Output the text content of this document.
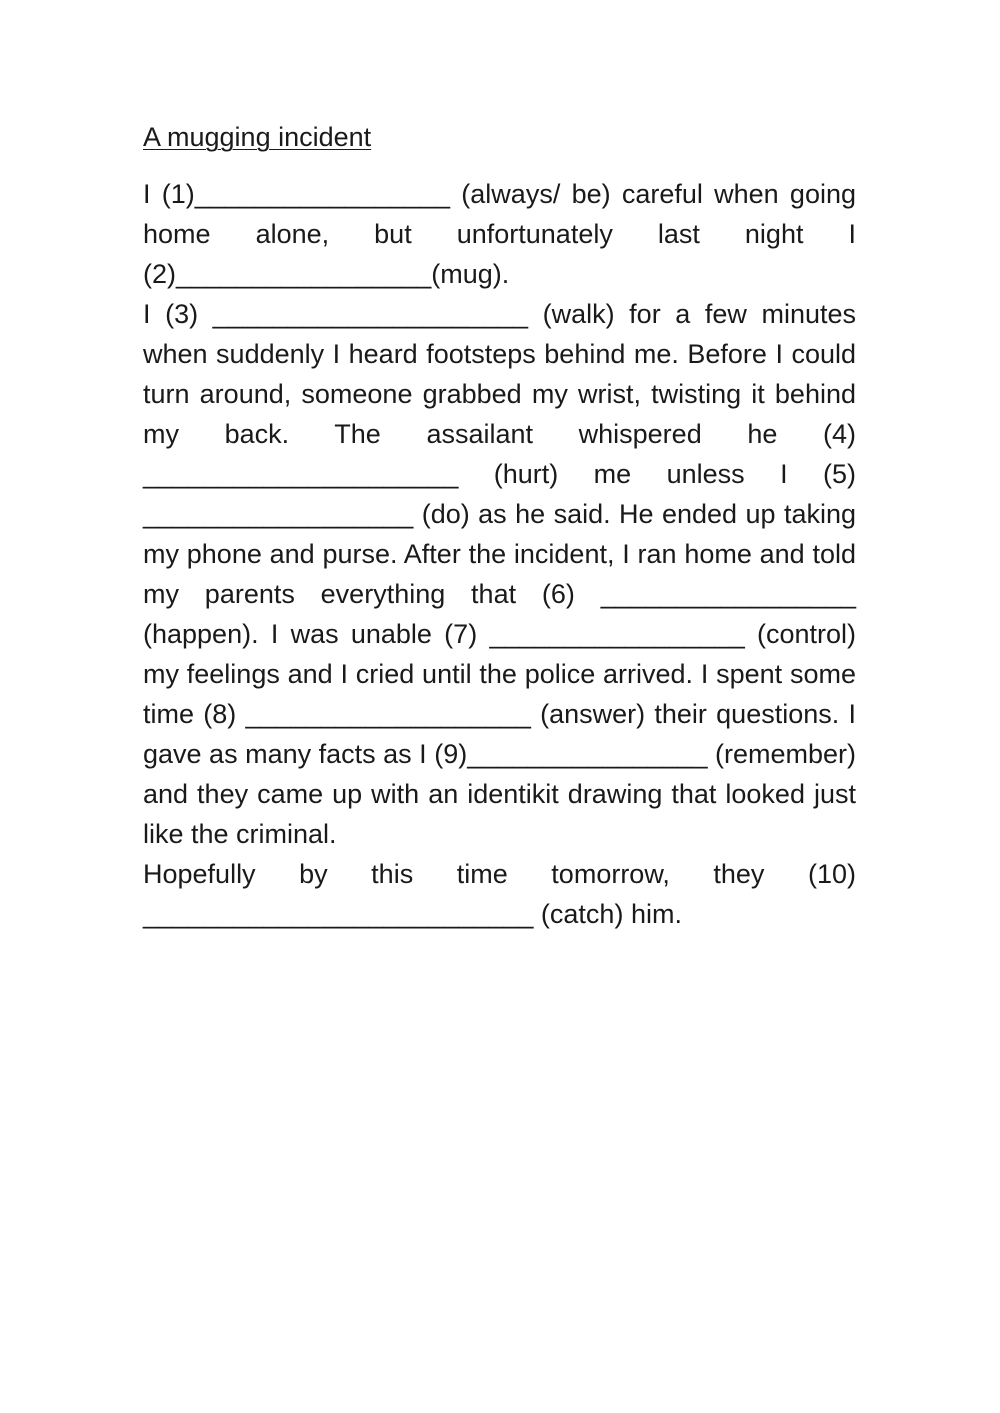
A mugging incident

I (1)_________________ (always/ be) careful when going home alone, but unfortunately last night I (2)_________________(mug).

I (3) _____________________ (walk) for a few minutes when suddenly I heard footsteps behind me. Before I could turn around, someone grabbed my wrist, twisting it behind my back. The assailant whispered he (4) _____________________ (hurt) me unless I (5) __________________ (do) as he said. He ended up taking my phone and purse. After the incident, I ran home and told my parents everything that (6) _________________ (happen). I was unable (7) _________________ (control) my feelings and I cried until the police arrived. I spent some time (8) ___________________ (answer) their questions. I gave as many facts as I (9)________________ (remember) and they came up with an identikit drawing that looked just like the criminal.

Hopefully by this time tomorrow, they (10) __________________________ (catch) him.
